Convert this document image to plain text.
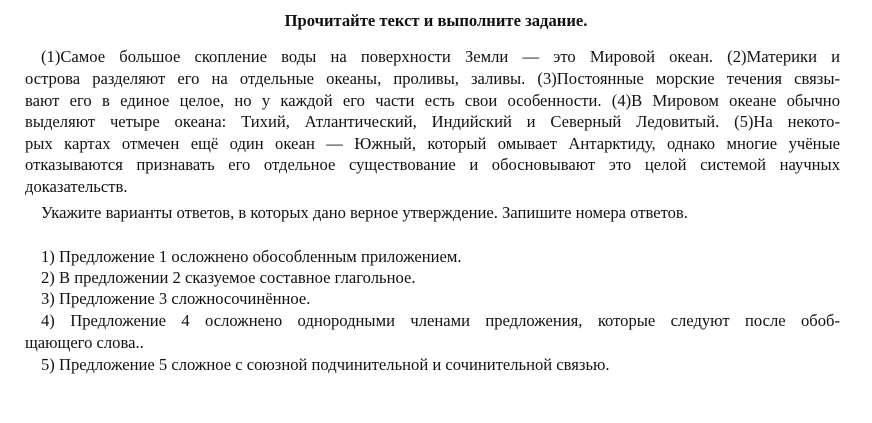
Прочитайте текст и выполните задание.
(1)Самое большое скопление воды на поверхности Земли — это Мировой океан. (2)Материки и
острова разделяют его на отдельные океаны, проливы, заливы. (3)Постоянные морские течения связы-
вают его в единое целое, но у каждой его части есть свои особенности. (4)В Мировом океане обычно
выделяют четыре океана: Тихий, Атлантический, Индийский и Северный Ледовитый. (5)На некото-
рых картах отмечен ещё один океан — Южный, который омывает Антарктиду, однако многие учёные
отказываются признавать его отдельное существование и обосновывают это целой системой научных
доказательств.
Укажите варианты ответов, в которых дано верное утверждение. Запишите номера ответов.
1) Предложение 1 осложнено обособленным приложением.
2) В предложении 2 сказуемое составное глагольное.
3) Предложение 3 сложносочинённое.
4) Предложение 4 осложнено однородными членами предложения, которые следуют после обоб-
щающего слова..
5) Предложение 5 сложное с союзной подчинительной и сочинительной связью.
